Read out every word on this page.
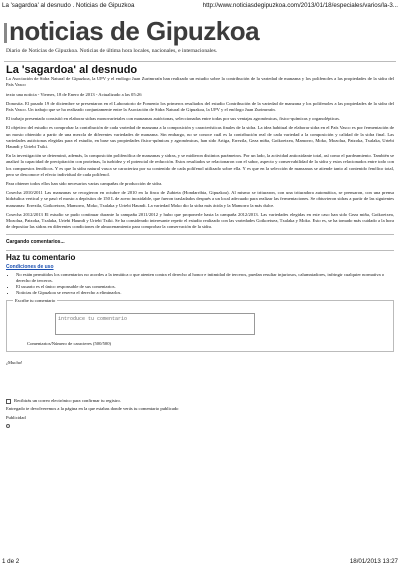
La 'sagardoa' al desnudo . Noticias de Gipuzkoa	http://www.noticiasdegipuzkoa.com/2013/01/18/especiales/varios/la-3...
noticias de Gipuzkoa
Diario de Noticias de Gipuzkoa. Noticias de última hora locales, nacionales, e internacionales.
La 'sagardoa' al desnudo

La Asociación de Sidra Natural de Gipuzkoa, la UPV y el enólogo Juan Zurimrraín han realizado un estudio sobre la contribución de la variedad de manzana y los polifenoles a las propiedades de la sidra del País Vasco

texto una noticia - Viernes, 18 de Enero de 2013 - Actualizado a las 05:26

Donostia. El pasado 19 de diciembre se presentaron en el Laboratorio de Fomento los primeros resultados del estudio Contribución de la variedad de manzana y los polifenoles a las propiedades de la sidra del País Vasco. Un trabajo que se ha realizado conjuntamente entre la Asociación de Sidra Natural de Gipuzkoa, la UPV y el enólogo Juan Zurimrraín.

El trabajo presentado consistió en elaborar sidras monovarietales con manzanas autóctonas, seleccionadas entre todas por sus ventajas agronómicas, fisico-químicas y organolépticas.

El objetivo del estudio es comprobar la contribución de cada variedad de manzana a la composición y características finales de la sidra. La idea habitual de elaborar sidra en el País Vasco es por fermentación de un mosto obtenido a partir de una mezcla de diferentes variedades de manzana. Sin embargo, no se conoce cuál es la contribución real de cada variedad a la composición y calidad de la sidra final. Las variedades autóctonas elegidas para el estudio, en base sus propiedades físico-químicas y agronómicas, han sido Artiga, Errezila, Geza miña, Goikoetxea, Mamorro, Moko, Mozolua, Patzoka, Txalaka, Urtebi Haundi y Urtebi Txiki.

En la investigación se determinó, además, la composición polifenólica de manzanas y sidras, y se midieron distintos parámetros. Por un lado, la actividad antioxidante total, así como el pardeamiento. También se analizó la capacidad de precipitación con proteínas, la turbidez y el potencial de reducción. Estos resultados se relacionaron con el sabor, aspecto y conservabilidad de la sidra y estos relacionados entre todo con los compuestos fenólicos. Y es que la sidra natural vasca se caracteriza por su contenido de cada polifenol utilizado sobre ella. Y es que en la selección de manzanas se atiende tanto al contenido fenólico total, pero se desconoce el efecto individual de cada polifenol.

Para obtener todos ellos han sido necesarios varias campañas de producción de sidra.

Cosecha 2010/2011 Las manzanas se recogieron en octubre de 2010 en la finca de Zubieta (Hondarribia, Gipuzkoa). Al mismo se trituraron, con una trituradora automática, se prensaron, con una prensa hidráulica vertical y se pasó el mosto a depósitos de 150 L de acero inoxidable, que fueron trasladados después a un local adecuado para realizar las fermentaciones. Se obtuvieron sidras a partir de las siguientes manzanas: Errezila, Goikoetxea, Mamorro, Moko, Txalaka y Urtebi Haundi. La variedad Moko dio la sidra más ácida y la Mamorro la más dulce.

Cosecha 2012/2013 El estudio se pudo continuar durante la campaña 2011/2012 y hubo que proponerle hasta la campaña 2012/2013. Las variedades elegidas en este caso han sido Geza miña, Goikoetxea, Mozolua, Patzoka, Txalaka, Urtebi Haundi y Urtebi Txiki. Se ha considerado interesante repetir el estudio realizado con las variedades Goikoetxea, Txalaka y Moko. Esto es, se ha tomado más cuidado a la hora de depositar las sidras en diferentes condiciones de almacenamiento para comprobar la conservación de la sidra.

Cargando comentarios...
Haz tu comentario
Condiciones de uso
• No están permitidos los comentarios no acordes a la temática o que atenten contra el derecho al honor e intimidad de terceros, puedan resultar injuriosos, calumniadores, infringir cualquier normativa o derecho de terceros.
• El usuario es el único responsable de sus comentarios.
• Noticias de Gipuzkoa se reserva el derecho a eliminarlos.
Escribe tu comentario
introduce tu comentario
Comentarios/Número de caracteres (500/500)
¿Mucho!
Recibirás un correo electrónico para confirmar tu registro.
Entregado te devolveremos a la página en la que estabas donde verás tu comentario publicado
Publicidad
1 de 2	18/01/2013 13:27
